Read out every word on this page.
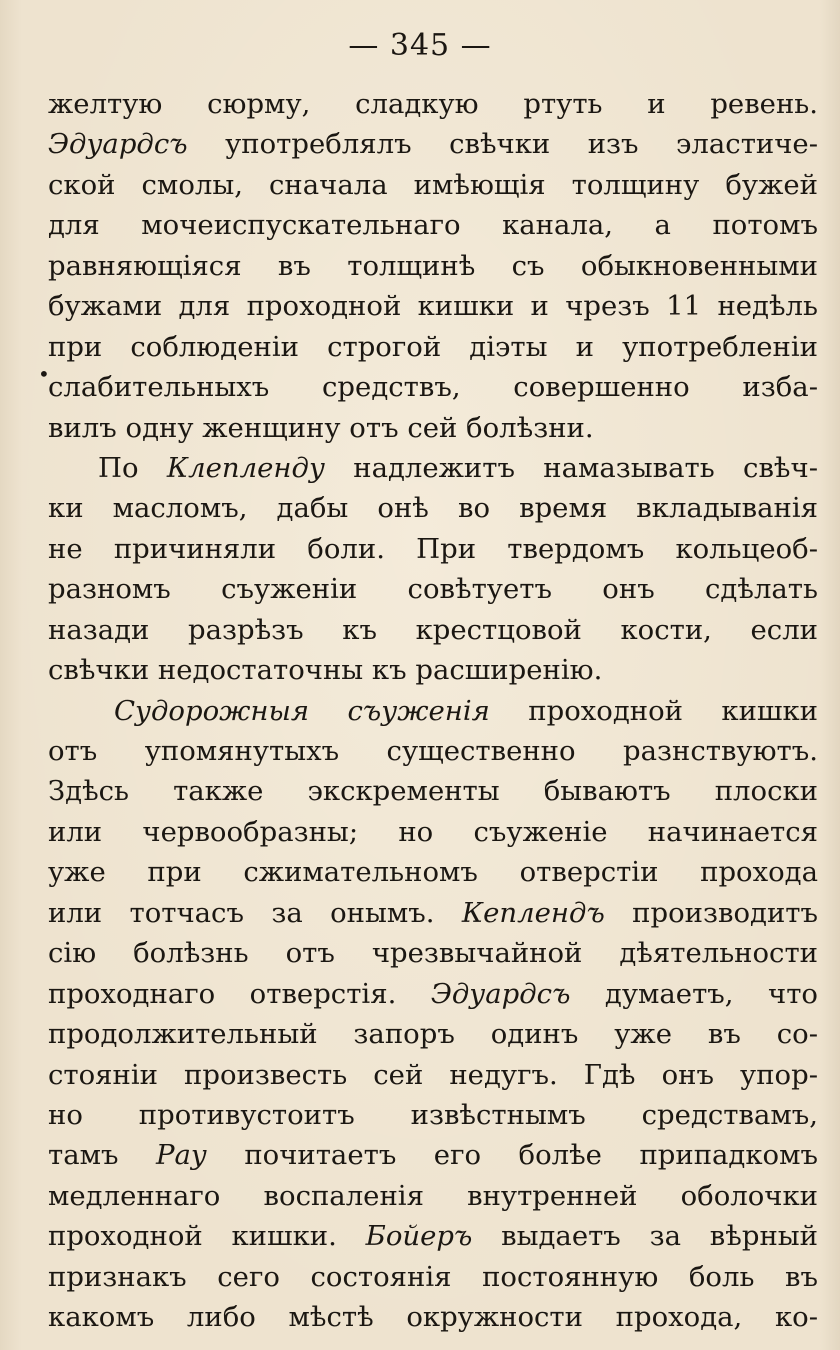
— 345 —
•
желтую сюрму, сладкую ртуть и ревень.
Эдуардсъ употреблялъ свѣчки изъ эластиче-
ской смолы, сначала имѣющія толщину бужей
для мочеиспускательнаго канала, а потомъ
равняющіяся въ толщинѣ съ обыкновенными
бужами для проходной кишки и чрезъ 11 недѣль
при соблюденіи строгой діэты и употребленіи
слабительныхъ средствъ, совершенно изба-
вилъ одну женщину отъ сей болѣзни.
По Клепленду надлежитъ намазывать свѣч-
ки масломъ, дабы онѣ во время вкладыванія
не причиняли боли. При твердомъ кольцеоб-
разномъ съуженіи совѣтуетъ онъ сдѣлать
назади разрѣзъ къ крестцовой кости, если
свѣчки недостаточны къ расширенію.
Судорожныя съуженія проходной кишки
отъ упомянутыхъ существенно разнствуютъ.
Здѣсь также экскременты бываютъ плоски
или червообразны; но съуженіе начинается
уже при сжимательномъ отверстіи прохода
или тотчасъ за онымъ. Кеплендъ производитъ
сію болѣзнь отъ чрезвычайной дѣятельности
проходнаго отверстія. Эдуардсъ думаетъ, что
продолжительный запоръ одинъ уже въ со-
стояніи произвесть сей недугъ. Гдѣ онъ упор-
но противустоитъ извѣстнымъ средствамъ,
тамъ Рау почитаетъ его болѣе припадкомъ
медленнаго воспаленія внутренней оболочки
проходной кишки. Бойеръ выдаетъ за вѣрный
признакъ сего состоянія постоянную боль въ
какомъ либо мѣстѣ окружности прохода, ко-
